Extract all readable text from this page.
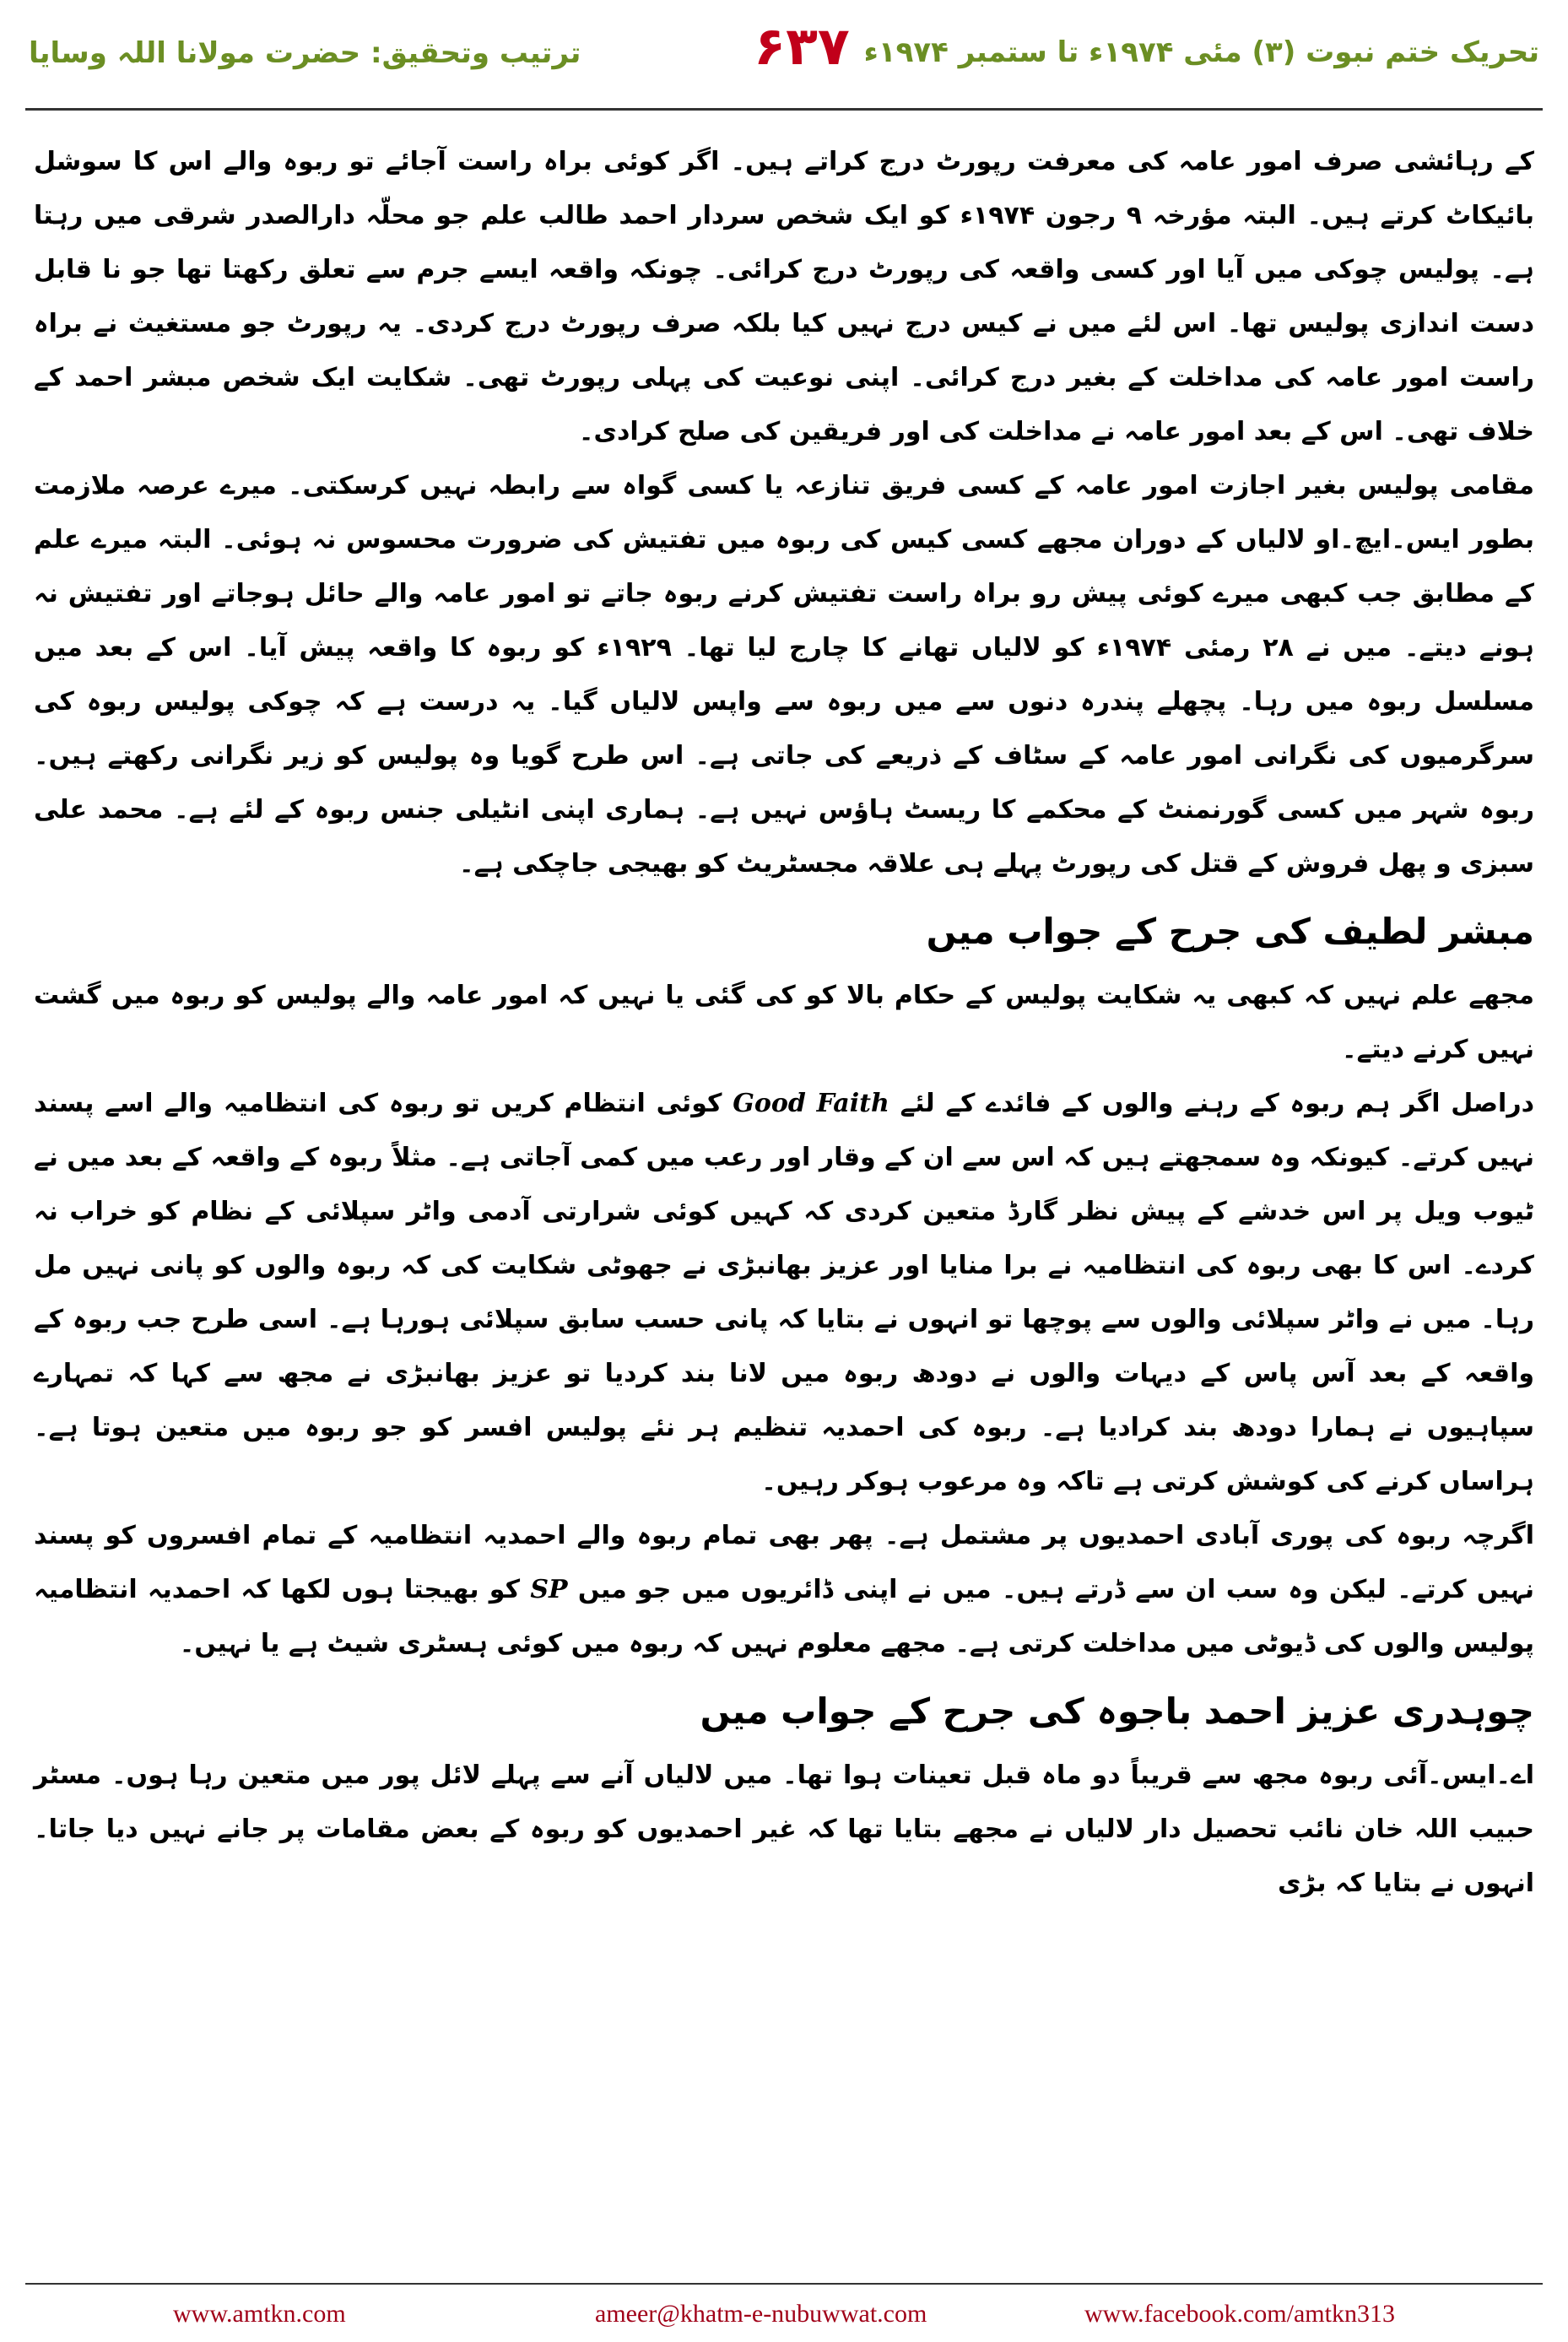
ترتیب وتحقیق: حضرت مولانا اللہ وسایا	۶۳۷ تحریک ختم نبوت (۳) مئی ۱۹۷۴ء تا ستمبر ۱۹۷۴ء

کے رہائشی صرف امور عامہ کی معرفت رپورٹ درج کراتے ہیں۔ اگر کوئی براہ راست آجائے تو ربوہ والے اس کا سوشل بائیکاٹ کرتے ہیں۔ البتہ مؤرخہ ۹ رجون ۱۹۷۴ء کو ایک شخص سردار احمد طالب علم جو محلّہ دارالصدر شرقی میں رہتا ہے۔ پولیس چوکی میں آیا اور کسی واقعہ کی رپورٹ درج کرائی۔ چونکہ واقعہ ایسے جرم سے تعلق رکھتا تھا جو نا قابل دست اندازی پولیس تھا۔ اس لئے میں نے کیس درج نہیں کیا بلکہ صرف رپورٹ درج کردی۔ یہ رپورٹ جو مستغیث نے براہ راست امور عامہ کی مداخلت کے بغیر درج کرائی۔ اپنی نوعیت کی پہلی رپورٹ تھی۔ شکایت ایک شخص مبشر احمد کے خلاف تھی۔ اس کے بعد امور عامہ نے مداخلت کی اور فریقین کی صلح کرادی۔

مقامی پولیس بغیر اجازت امور عامہ کے کسی فریق تنازعہ یا کسی گواہ سے رابطہ نہیں کرسکتی۔ میرے عرصہ ملازمت بطور ایس۔ایچ۔او لالیاں کے دوران مجھے کسی کیس کی ربوہ میں تفتیش کی ضرورت محسوس نہ ہوئی۔ البتہ میرے علم کے مطابق جب کبھی میرے کوئی پیش رو براہ راست تفتیش کرنے ربوہ جاتے تو امور عامہ والے حائل ہوجاتے اور تفتیش نہ ہونے دیتے۔ میں نے ۲۸ رمئی ۱۹۷۴ء کو لالیاں تھانے کا چارج لیا تھا۔ ۱۹۲۹ء کو ربوہ کا واقعہ پیش آیا۔ اس کے بعد میں مسلسل ربوہ میں رہا۔ پچھلے پندرہ دنوں سے میں ربوہ سے واپس لالیاں گیا۔ یہ درست ہے کہ چوکی پولیس ربوہ کی سرگرمیوں کی نگرانی امور عامہ کے سٹاف کے ذریعے کی جاتی ہے۔ اس طرح گویا وہ پولیس کو زیر نگرانی رکھتے ہیں۔ ربوہ شہر میں کسی گورنمنٹ کے محکمے کا ریسٹ ہاؤس نہیں ہے۔ ہماری اپنی انٹیلی جنس ربوہ کے لئے ہے۔ محمد علی سبزی و پھل فروش کے قتل کی رپورٹ پہلے ہی علاقہ مجسٹریٹ کو بھیجی جاچکی ہے۔

مبشر لطیف کی جرح کے جواب میں

مجھے علم نہیں کہ کبھی یہ شکایت پولیس کے حکام بالا کو کی گئی یا نہیں کہ امور عامہ والے پولیس کو ربوہ میں گشت نہیں کرنے دیتے۔

دراصل اگر ہم ربوہ کے رہنے والوں کے فائدے کے لئے Good Faith کوئی انتظام کریں تو ربوہ کی انتظامیہ والے اسے پسند نہیں کرتے۔ کیونکہ وہ سمجھتے ہیں کہ اس سے ان کے وقار اور رعب میں کمی آجاتی ہے۔ مثلاً ربوہ کے واقعہ کے بعد میں نے ٹیوب ویل پر اس خدشے کے پیش نظر گارڈ متعین کردی کہ کہیں کوئی شرارتی آدمی واٹر سپلائی کے نظام کو خراب نہ کردے۔ اس کا بھی ربوہ کی انتظامیہ نے برا منایا اور عزیز بھانبڑی نے جھوٹی شکایت کی کہ ربوہ والوں کو پانی نہیں مل رہا۔ میں نے واٹر سپلائی والوں سے پوچھا تو انہوں نے بتایا کہ پانی حسب سابق سپلائی ہورہا ہے۔ اسی طرح جب ربوہ کے واقعہ کے بعد آس پاس کے دیہات والوں نے دودھ ربوہ میں لانا بند کردیا تو عزیز بھانبڑی نے مجھ سے کہا کہ تمہارے سپاہیوں نے ہمارا دودھ بند کرادیا ہے۔ ربوہ کی احمدیہ تنظیم ہر نئے پولیس افسر کو جو ربوہ میں متعین ہوتا ہے۔ ہراساں کرنے کی کوشش کرتی ہے تاکہ وہ مرعوب ہوکر رہیں۔

اگرچہ ربوہ کی پوری آبادی احمدیوں پر مشتمل ہے۔ پھر بھی تمام ربوہ والے احمدیہ انتظامیہ کے تمام افسروں کو پسند نہیں کرتے۔ لیکن وہ سب ان سے ڈرتے ہیں۔ میں نے اپنی ڈائریوں میں جو میں SP کو بھیجتا ہوں لکھا کہ احمدیہ انتظامیہ پولیس والوں کی ڈیوٹی میں مداخلت کرتی ہے۔ مجھے معلوم نہیں کہ ربوہ میں کوئی ہسٹری شیٹ ہے یا نہیں۔

چوہدری عزیز احمد باجوہ کی جرح کے جواب میں

اے۔ایس۔آئی ربوہ مجھ سے قریباً دو ماہ قبل تعینات ہوا تھا۔ میں لالیاں آنے سے پہلے لائل پور میں متعین رہا ہوں۔ مسٹر حبیب اللہ خان نائب تحصیل دار لالیاں نے مجھے بتایا تھا کہ غیر احمدیوں کو ربوہ کے بعض مقامات پر جانے نہیں دیا جاتا۔ انہوں نے بتایا کہ بڑی

www.amtkn.com	ameer@khatm-e-nubuwwat.com	www.facebook.com/amtkn313
